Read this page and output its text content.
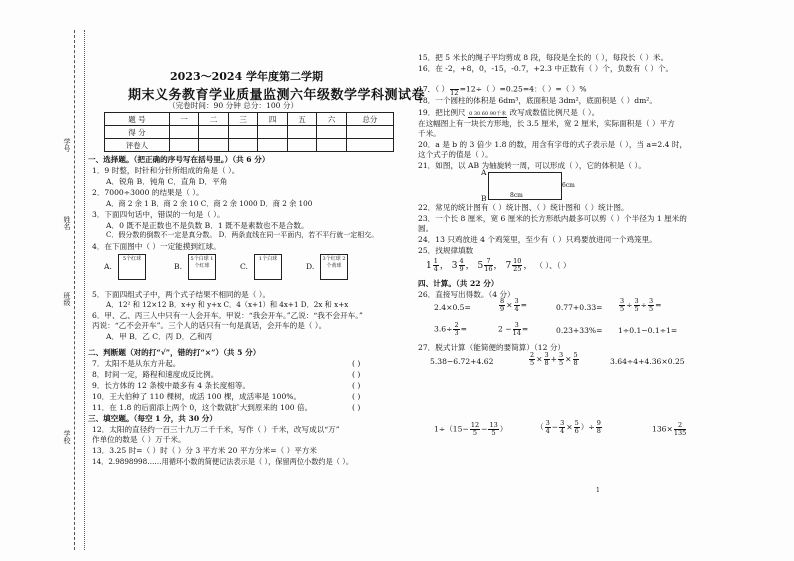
学号
姓名
班级
学校
2023～2024 学年度第二学期
期末义务教育学业质量监测六年级数学学科测试卷
（完卷时间：90 分钟 总分：100 分）
题 号	一	二	三	四	五	六	总分
得 分							
评卷人							
一、选择题。（把正确的序号写在括号里。）（共 6 分）
1．9 时整，时针和分针所组成的角是（ ）。
A．锐角 B．钝角 C．直角 D．平角
2．7000÷3000 的结果是（ ）。
A．商 2 余 1 B．商 2 余 10 C．商 2 余 1000 D．商 2 余 100
3．下面四句话中，错误的一句是（ ）。
A．0 既不是正数也不是负数 B．1 既不是素数也不是合数。
C．假分数的倒数不一定是真分数。 D．两条直线在同一平面内，若不平行就一定相交。
4．在下面图中（ ）一定能摸到红球。
A.
5个红球
B.
5个白球 1个红球	C.
1个白球
D.
3个红球 2个黄球
5．下面四组式子中，两个式子结果不相同的是（ ）。
A．12² 和 12×12 B．x+y 和 y+x C．4（x+1）和 4x+1 D．2x 和 x+x
6．甲、乙、丙三人中只有一人会开车。甲说：“我会开车。”乙说：“我不会开车。”
丙说：“乙不会开车”。三个人的话只有一句是真话，会开车的是（ ）。
A．甲 B．乙 C．丙 D．乙和丙
二、判断题（对的打“√”，错的打“×”）（共 5 分）
7．太阳不是从东方升起。	( )
8．时间一定，路程和速度成反比例。	( )
9．长方体的 12 条棱中最多有 4 条长度相等。	( )
10．王大伯种了 110 棵树，成活 100 棵，成活率是 100%。	( )
11．在 1.8 的后面添上两个 0，这个数就扩大到原来的 100 倍。	( )
三、填空题。（每空 1 分，共 30 分）
12．太阳的直径约一百三十九万二千千米，写作（ ）千米，改写成以“万”
作单位的数是（ ）万千米。
13．3.25 时=（ ）时（ ）分 3 平方米 20 平方分米=（ ）平方米
14．2.9898998……用循环小数的简便记法表示是（ ），保留两位小数约是（ ）。
15．把 5 米长的绳子平均剪成 8 段，每段是全长的（ ），每段长（ ）米。
16．在 -2，+8，0，-15，-0.7，+2.3 中正数有（ ）个，负数有（ ）个。
17．（ ）
  12 =12÷（ ）=0.25=4：（ ）=（ ）%
18．一个圆柱的体积是 6dm³，底面积是 3dm²，底面积是（ ）dm²。
19．把比例尺 0 30 60 90千米 改写成数值比例尺是（ ）。
在这幅图上有一块长方形地，长 3.5 厘米，宽 2 厘米，实际面积是（ ）平方
千米。
20．a 是 b 的 3 倍少 1.8 的数，用含有字母的式子表示是（ ），当 a=2.4 时，
这个式子的值是（ ）。
21．如图，以 AB 为轴旋转一周，可以形成（ ），它的体积是（ ）。
A
B	8cm
6cm
22．常见的统计图有（ ）统计图、（ ）统计图和（ ）统计图。
23．一个长 8 厘米，宽 6 厘米的长方形纸内最多可以剪（ ）个半径为 1 厘米的
圆。
24．13 只鸡放进 4 个鸡笼里，至少有（ ）只鸡要放进同一个鸡笼里。
25．找规律填数
$1 \frac{1}{4}$ ， $3 \frac{4}{9}$ ， $5 \frac{7}{16}$ ， $7 \frac{10}{25}$ ， （ ）、（ ）
四、计算。（共 22 分）
26．直接写出得数。（4 分）
2.4×0.5=	$\frac{8}{9} \times \frac{3}{4}$ =	0.77+0.33=	$\frac{3}{5} \div \frac{3}{5} \div \frac{3}{5}$ =
$3.6\div \frac{2}{3}$ =	$2 - \frac{3}{14}$ =	0.23+33%= 1÷0.1−0.1÷1=
27．脱式计算（能简便的要简算）（12 分）
5.38−6.72+4.62	$\frac{2}{5} \times \frac{3}{8} + \frac{3}{5} \times \frac{5}{8}$	3.64÷4+4.36×0.25
$1\div(15- \frac{12}{5} - \frac{13}{5}$ ）	（ $\frac{3}{4} - \frac{3}{4} \times \frac{5}{6}$ ）÷ $\frac{9}{8}$	$136\times \frac{2}{135}$
1
